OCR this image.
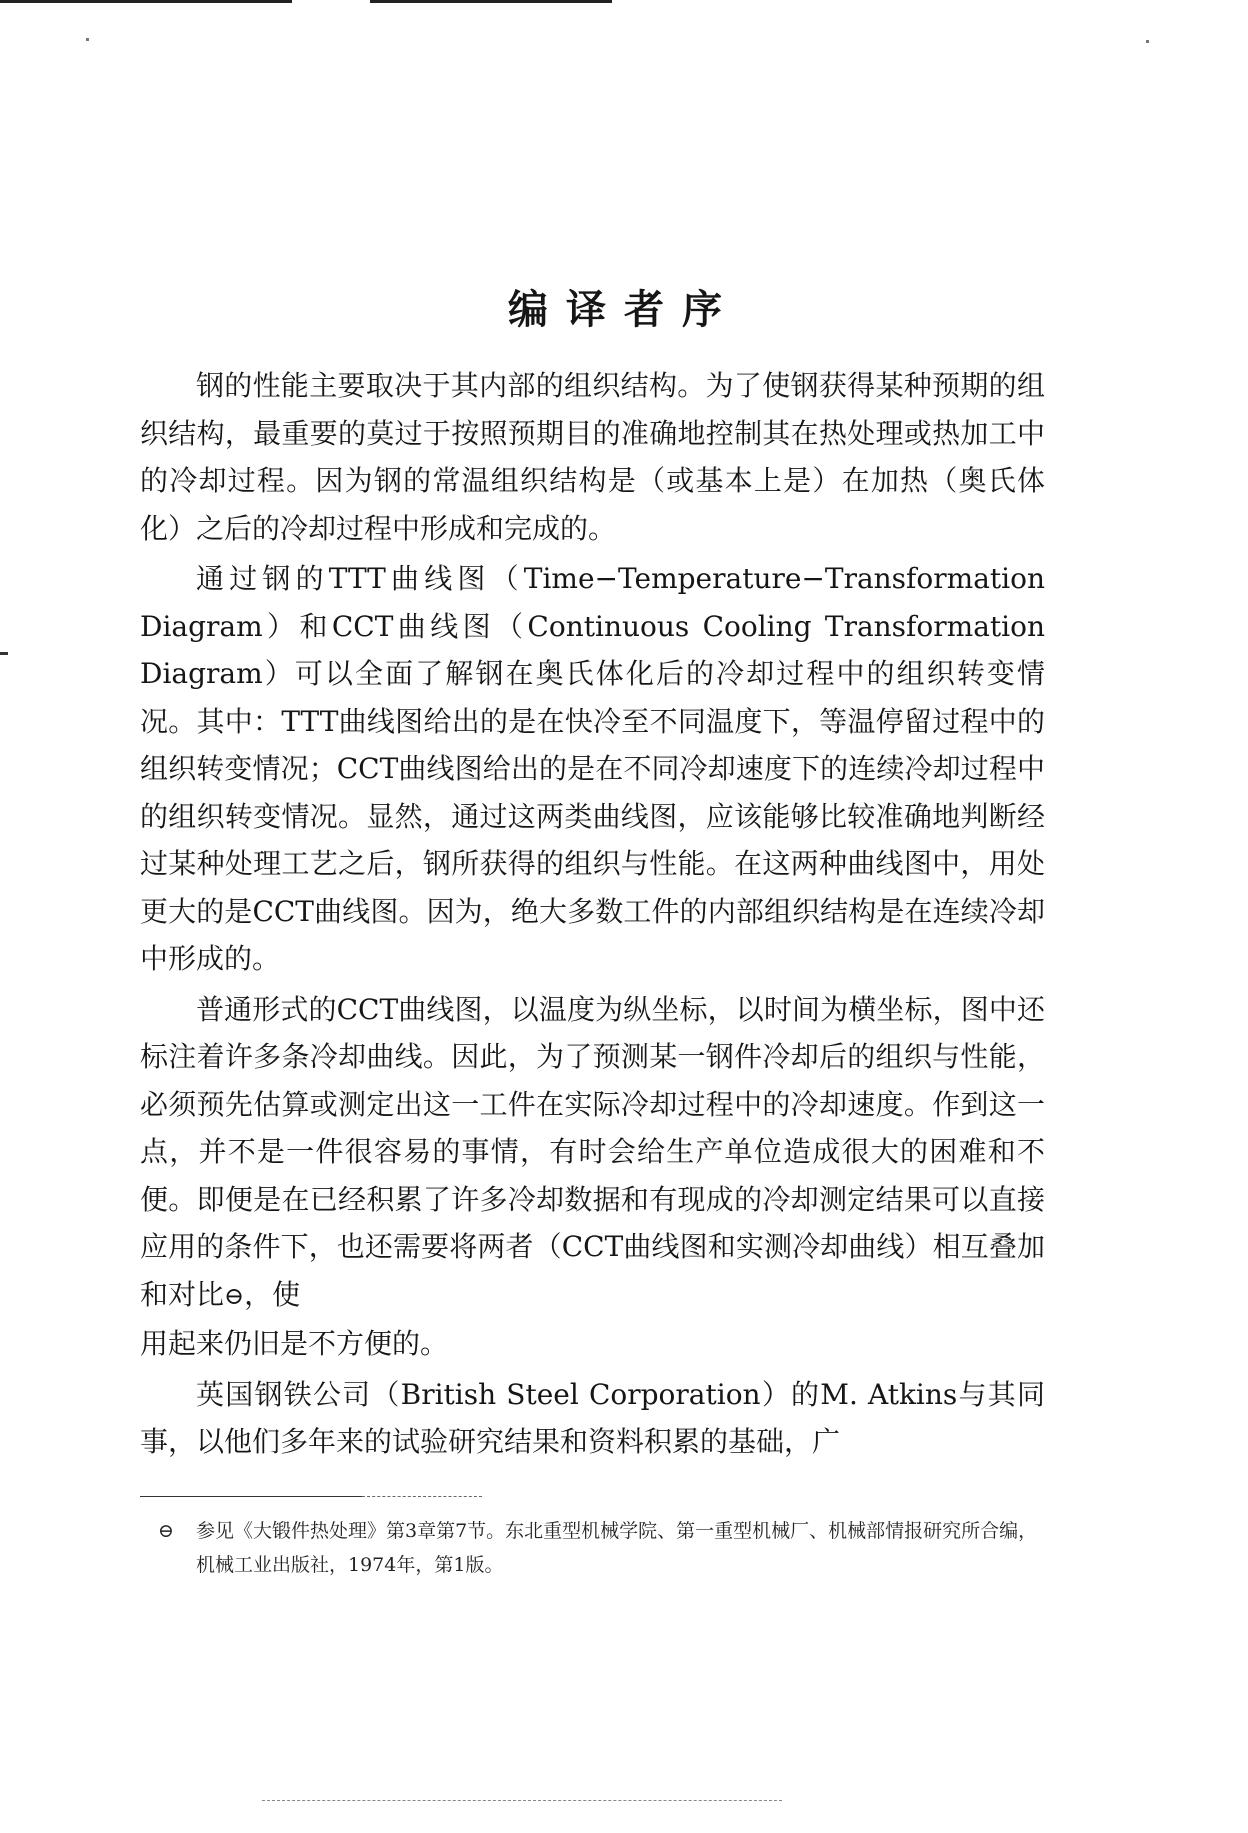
编译者序

钢的性能主要取决于其内部的组织结构。为了使钢获得某种预期的组织结构，最重要的莫过于按照预期目的准确地控制其在热处理或热加工中的冷却过程。因为钢的常温组织结构是（或基本上是）在加热（奥氏体化）之后的冷却过程中形成和完成的。

通过钢的TTT曲线图（Time−Temperature−Transformation Diagram）和CCT曲线图（Continuous Cooling Transformation Diagram）可以全面了解钢在奥氏体化后的冷却过程中的组织转变情况。其中：TTT曲线图给出的是在快冷至不同温度下，等温停留过程中的组织转变情况；CCT曲线图给出的是在不同冷却速度下的连续冷却过程中的组织转变情况。显然，通过这两类曲线图，应该能够比较准确地判断经过某种处理工艺之后，钢所获得的组织与性能。在这两种曲线图中，用处更大的是CCT曲线图。因为，绝大多数工件的内部组织结构是在连续冷却中形成的。

普通形式的CCT曲线图，以温度为纵坐标，以时间为横坐标，图中还标注着许多条冷却曲线。因此，为了预测某一钢件冷却后的组织与性能，必须预先估算或测定出这一工件在实际冷却过程中的冷却速度。作到这一点，并不是一件很容易的事情，有时会给生产单位造成很大的困难和不便。即便是在已经积累了许多冷却数据和有现成的冷却测定结果可以直接应用的条件下，也还需要将两者（CCT曲线图和实测冷却曲线）相互叠加和对比⊖，使
用起来仍旧是不方便的。

英国钢铁公司（British Steel Corporation）的M. Atkins与其同事，以他们多年来的试验研究结果和资料积累的基础，广

⊖ 参见《大锻件热处理》第3章第7节。东北重型机械学院、第一重型机械厂、机械部情报研究所合编，机械工业出版社，1974年，第1版。
